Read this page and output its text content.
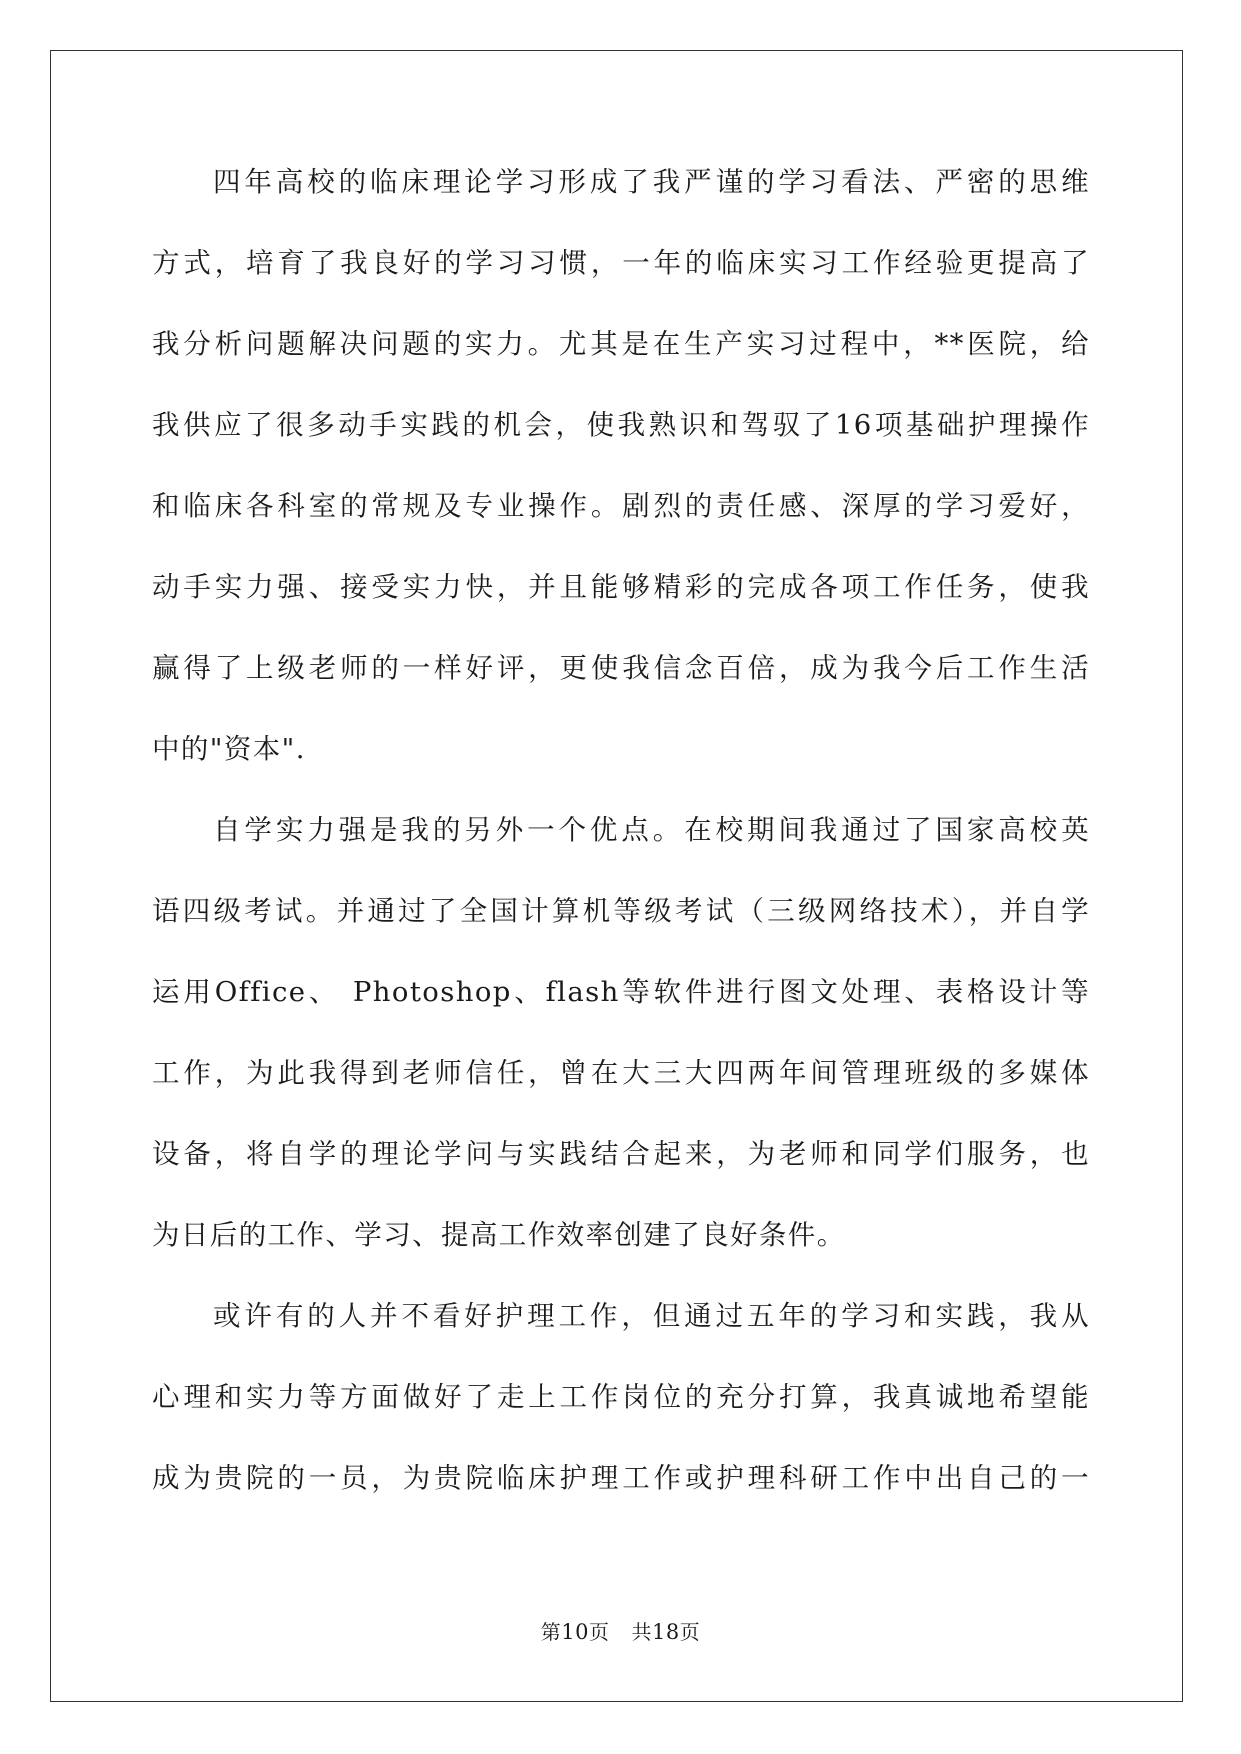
四年高校的临床理论学习形成了我严谨的学习看法、严密的思维
方式，培育了我良好的学习习惯，一年的临床实习工作经验更提高了
我分析问题解决问题的实力。尤其是在生产实习过程中，**医院，给
我供应了很多动手实践的机会，使我熟识和驾驭了16项基础护理操作
和临床各科室的常规及专业操作。剧烈的责任感、深厚的学习爱好，
动手实力强、接受实力快，并且能够精彩的完成各项工作任务，使我
赢得了上级老师的一样好评，更使我信念百倍，成为我今后工作生活
中的"资本".
自学实力强是我的另外一个优点。在校期间我通过了国家高校英
语四级考试。并通过了全国计算机等级考试（三级网络技术），并自学
运用Office、 Photoshop、flash等软件进行图文处理、表格设计等
工作，为此我得到老师信任，曾在大三大四两年间管理班级的多媒体
设备，将自学的理论学问与实践结合起来，为老师和同学们服务，也
为日后的工作、学习、提高工作效率创建了良好条件。
或许有的人并不看好护理工作，但通过五年的学习和实践，我从
心理和实力等方面做好了走上工作岗位的充分打算，我真诚地希望能
成为贵院的一员，为贵院临床护理工作或护理科研工作中出自己的一
第10页 共18页
